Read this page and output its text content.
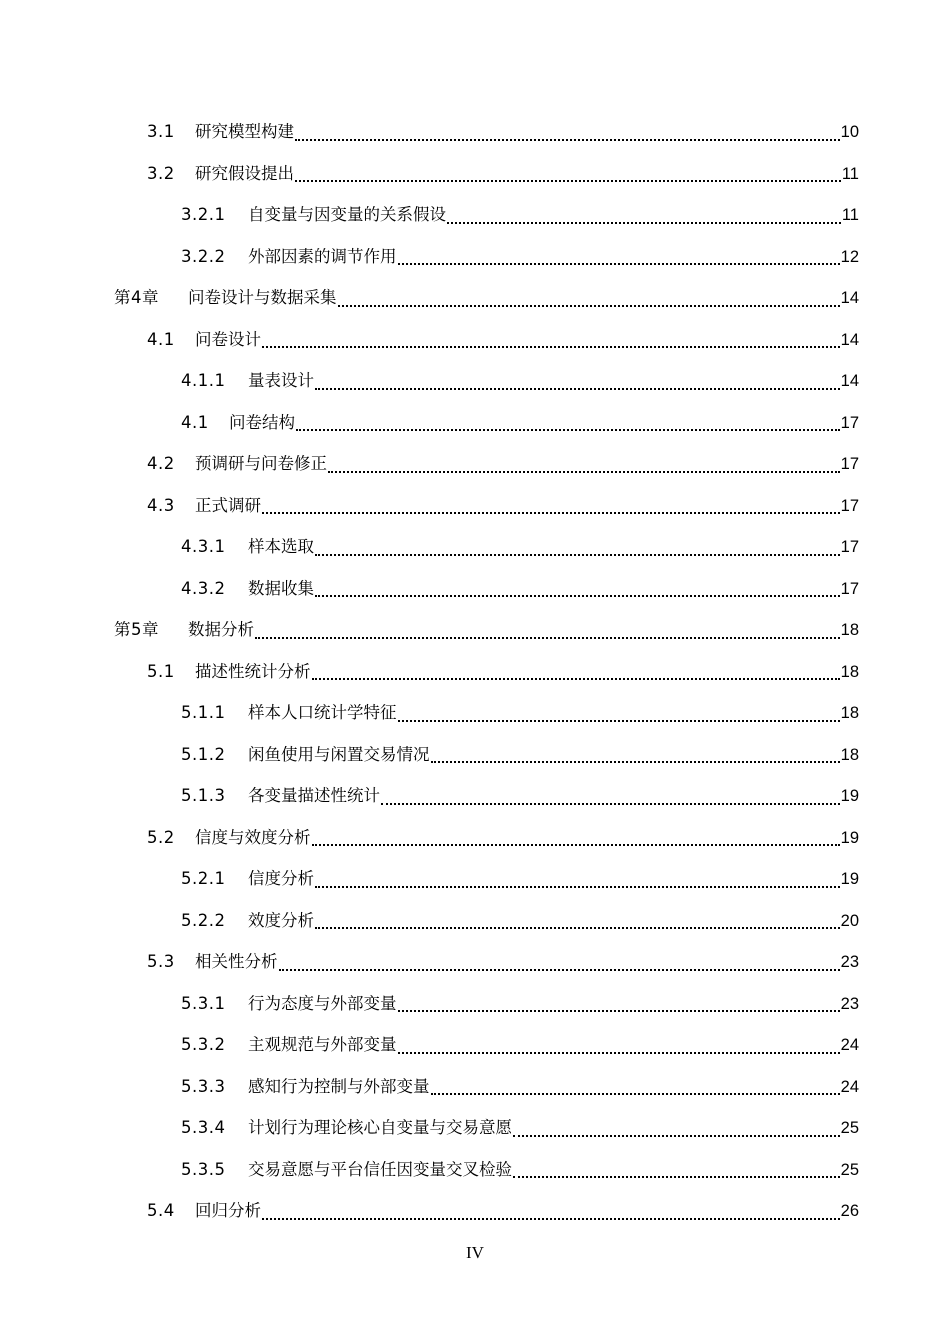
3.1	研究模型构建	10
3.2	研究假设提出	11
3.2.1	自变量与因变量的关系假设	11
3.2.2	外部因素的调节作用	12
第4章	问卷设计与数据采集	14
4.1	问卷设计	14
4.1.1	量表设计	14
4.1	问卷结构	17
4.2	预调研与问卷修正	17
4.3	正式调研	17
4.3.1	样本选取	17
4.3.2	数据收集	17
第5章	数据分析	18
5.1	描述性统计分析	18
5.1.1	样本人口统计学特征	18
5.1.2	闲鱼使用与闲置交易情况	18
5.1.3	各变量描述性统计	19
5.2	信度与效度分析	19
5.2.1	信度分析	19
5.2.2	效度分析	20
5.3	相关性分析	23
5.3.1	行为态度与外部变量	23
5.3.2	主观规范与外部变量	24
5.3.3	感知行为控制与外部变量	24
5.3.4	计划行为理论核心自变量与交易意愿	25
5.3.5	交易意愿与平台信任因变量交叉检验	25
5.4	回归分析	26
IV
